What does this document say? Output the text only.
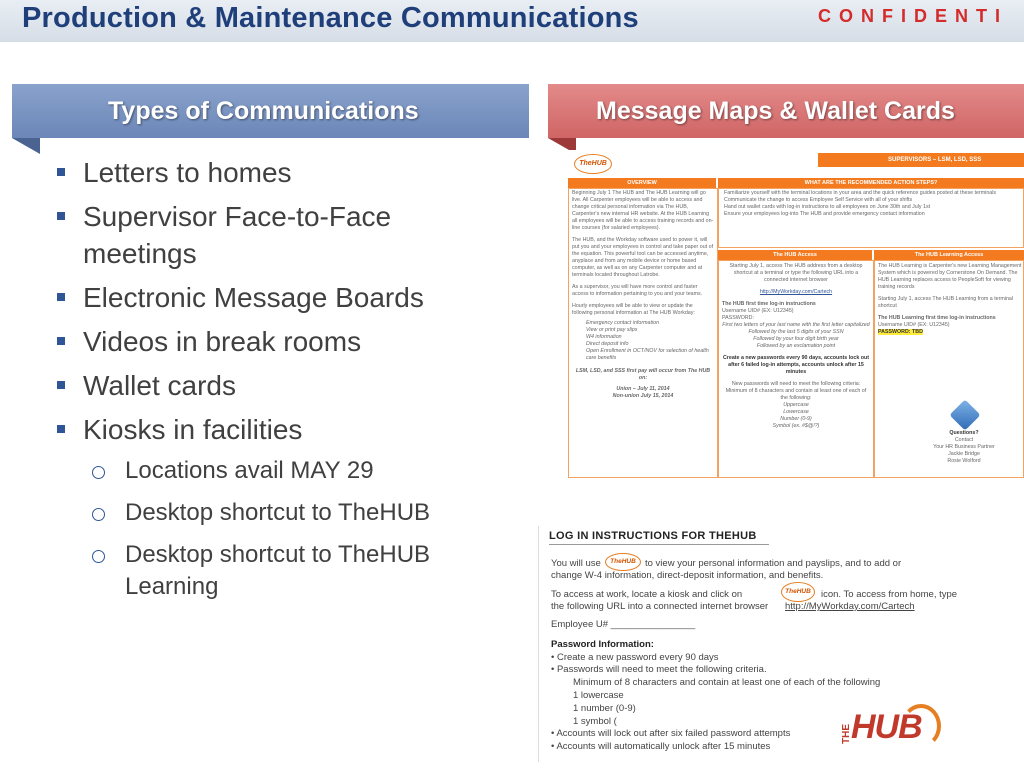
Production & Maintenance Communications	CONFIDENTI
Types of Communications	Message Maps & Wallet Cards
Letters to homes
Supervisor Face-to-Face meetings
Electronic Message Boards
Videos in break rooms
Wallet cards
Kiosks in facilities
Locations avail MAY 29
Desktop shortcut to TheHUB
Desktop shortcut to TheHUB Learning
TheHUB	SUPERVISORS – LSM, LSD, SSS
OVERVIEW	WHAT ARE THE RECOMMENDED ACTION STEPS?
Beginning July 1 The HUB and The HUB Learning will go live. All Carpenter employees will be able to access and change critical personal information via The HUB, Carpenter's new internal HR website. At the HUB Learning all employees will be able to access training records and on-line courses (for salaried employees).
The HUB, and the Workday software used to power it, will put you and your employees in control and take paper out of the equation. This powerful tool can be accessed anytime, anyplace and from any mobile device or home based computer, as well as on any Carpenter computer and at terminals located throughout Latrobe.
As a supervisor, you will have more control and faster access to information pertaining to you and your teams.
Hourly employees will be able to view or update the following personal information at The HUB Workday:
Emergency contact information
View or print pay slips
W4 information
Direct deposit info
Open Enrollment in OCT/NOV for selection of health care benefits
LSM, LSD, and SSS first pay will occur from The HUB on:
Union – July 11, 2014
Non-union July 15, 2014
Familiarize yourself with the terminal locations in your area and the quick reference guides posted at these terminals
Communicate the change to access Employee Self Service with all of your shifts
Hand out wallet cards with log-in instructions to all employees on June 30th and July 1st
Ensure your employees log-into The HUB and provide emergency contact information
The HUB Access	The HUB Learning Access
Starting July 1, access The HUB address from a desktop shortcut at a terminal or type the following URL into a connected internet browser
http://MyWorkday.com/Cartech
The HUB first time log-in instructions
Username UID# (EX: U12345)
PASSWORD:
First two letters of your last name with the first letter capitalized
Followed by the last 5 digits of your SSN
Followed by your four digit birth year
Followed by an exclamation point
Create a new passwords every 90 days, accounts lock out after 6 failed log-in attempts, accounts unlock after 15 minutes
New passwords will need to meet the following criteria:
Minimum of 8 characters and contain at least one of each of the following:
Uppercase
Lowercase
Number (0-9)
Symbol (ex. #$@!?)
The HUB Learning is Carpenter's new Learning Management System which is powered by Cornerstone On Demand. The HUB Learning replaces access to PeopleSoft for viewing training records
Starting July 1, access The HUB Learning from a terminal shortcut
The HUB Learning first time log-in instructions
Username UID# (EX: U12345)
PASSWORD: TBD
Questions?
Contact
Your HR Business Partner
Jackie Bridge
Rosie Wolford
LOG IN INSTRUCTIONS FOR THEHUB
You will use	TheHUB to view your personal information and payslips, and to add or
change W-4 information, direct-deposit information, and benefits.
To access at work, locate a kiosk and click on	TheHUB	icon. To access from home, type
the following URL into a connected internet browser http://MyWorkday.com/Cartech
Employee U# ________________
Password Information:
• Create a new password every 90 days
• Passwords will need to meet the following criteria.
Minimum of 8 characters and contain at least one of each of the following
1 lowercase
1 number (0-9)
1 symbol (
• Accounts will lock out after six failed password attempts
• Accounts will automatically unlock after 15 minutes
THE HUB
